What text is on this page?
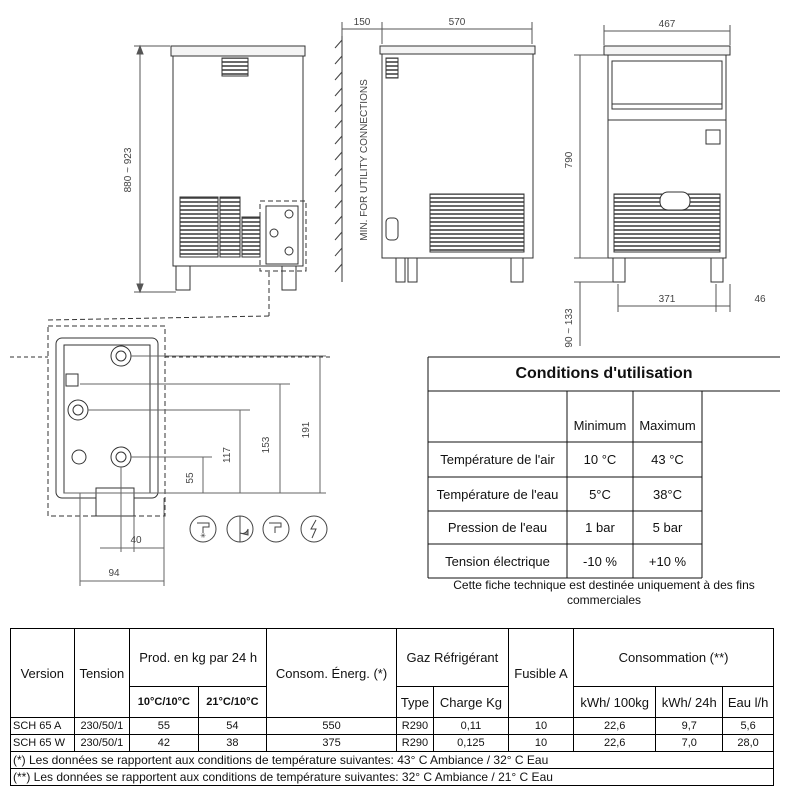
880 ~ 923
150	570
MIN. FOR UTILITY CONNECTIONS
467
790
90 ~ 133
371	46
191
153
117
55
40
94
✳
Conditions d'utilisation
Minimum Maximum
Température de l'air	10 °C	43 °C
Température de l'eau	5°C	38°C
Pression de l'eau	1 bar	5 bar
Tension électrique	-10 %	+10 %
Cette fiche technique est destinée uniquement à des fins commerciales
Version	Tension	Prod. en kg par 24 h		Consom. Énerg. (*)	Gaz Réfrigérant		Fusible A	Consommation (**)		
		10°C/10°C	21°C/10°C		Type	Charge Kg		kWh/ 100kg	kWh/ 24h	Eau l/h
SCH 65 A	230/50/1	55	54	550	R290	0,11	10	22,6	9,7	5,6
SCH 65 W	230/50/1	42	38	375	R290	0,125	10	22,6	7,0	28,0
(*) Les données se rapportent aux conditions de température suivantes: 43° C Ambiance / 32° C Eau										
(**) Les données se rapportent aux conditions de température suivantes: 32° C Ambiance / 21° C Eau										
